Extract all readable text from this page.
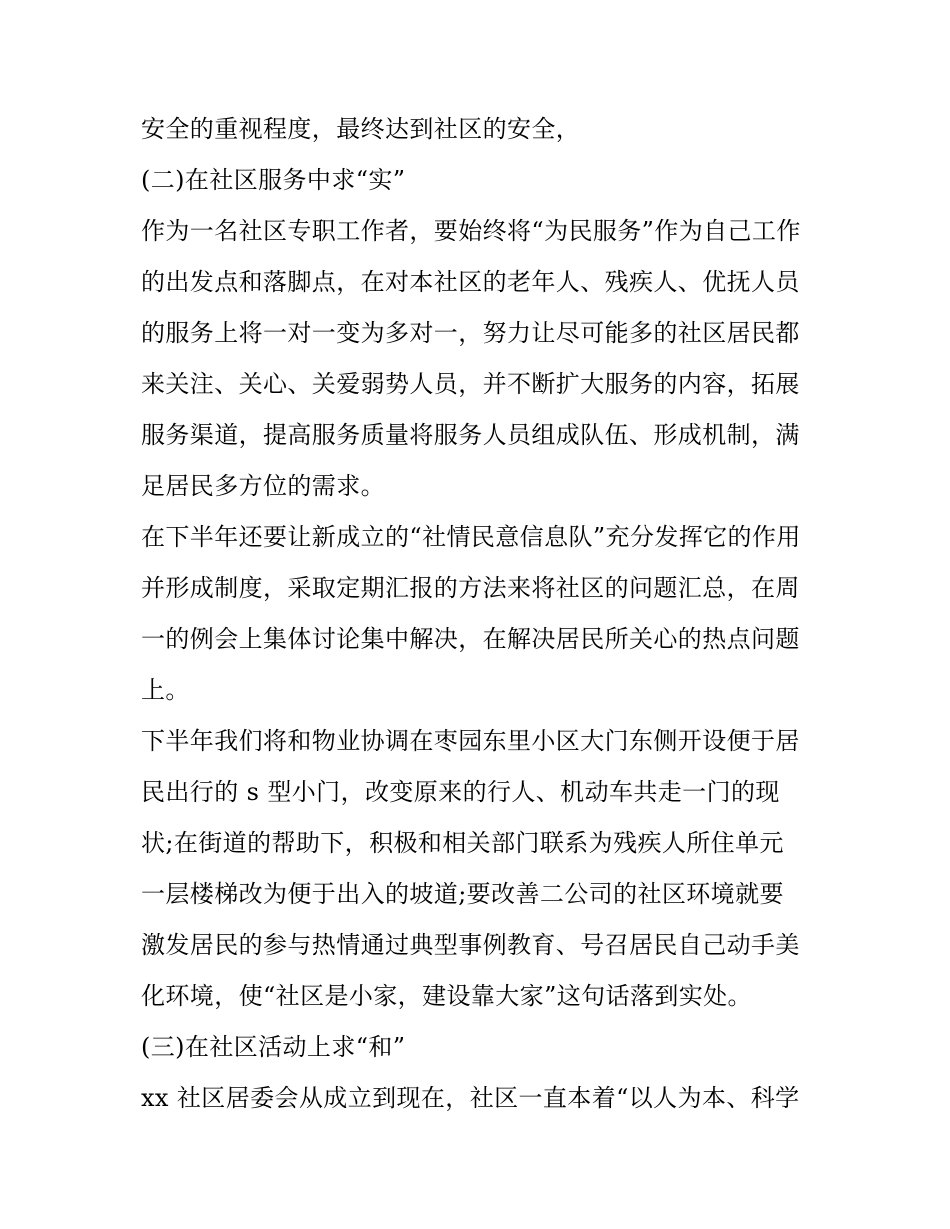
安全的重视程度，最终达到社区的安全，
(二)在社区服务中求“实”
作为一名社区专职工作者，要始终将“为民服务”作为自己工作
的出发点和落脚点，在对本社区的老年人、残疾人、优抚人员
的服务上将一对一变为多对一，努力让尽可能多的社区居民都
来关注、关心、关爱弱势人员，并不断扩大服务的内容，拓展
服务渠道，提高服务质量将服务人员组成队伍、形成机制，满
足居民多方位的需求。
在下半年还要让新成立的“社情民意信息队”充分发挥它的作用
并形成制度，采取定期汇报的方法来将社区的问题汇总，在周
一的例会上集体讨论集中解决，在解决居民所关心的热点问题
上。
下半年我们将和物业协调在枣园东里小区大门东侧开设便于居
民出行的 s 型小门，改变原来的行人、机动车共走一门的现
状;在街道的帮助下，积极和相关部门联系为残疾人所住单元
一层楼梯改为便于出入的坡道;要改善二公司的社区环境就要
激发居民的参与热情通过典型事例教育、号召居民自己动手美
化环境，使“社区是小家，建设靠大家”这句话落到实处。
(三)在社区活动上求“和”
xx 社区居委会从成立到现在，社区一直本着“以人为本、科学
